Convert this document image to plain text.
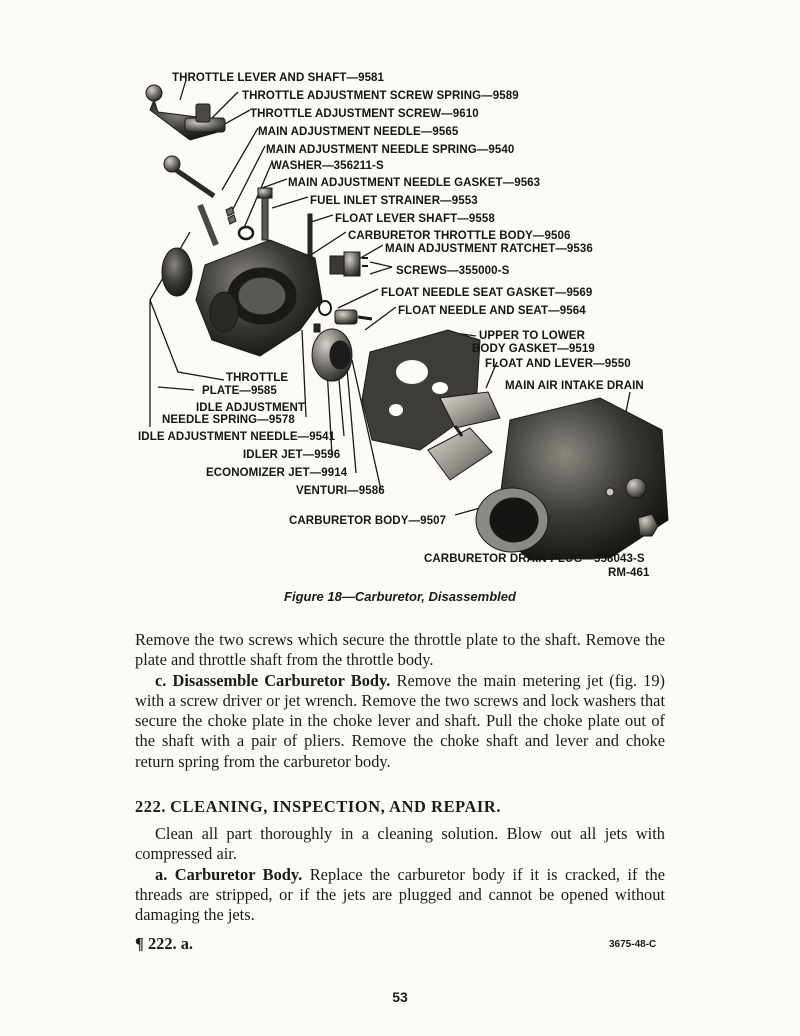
THROTTLE LEVER AND SHAFT—9581

THROTTLE ADJUSTMENT SCREW SPRING—9589

THROTTLE ADJUSTMENT SCREW—9610

MAIN ADJUSTMENT NEEDLE—9565

MAIN ADJUSTMENT NEEDLE SPRING—9540

WASHER—356211-S

MAIN ADJUSTMENT NEEDLE GASKET—9563

FUEL INLET STRAINER—9553

FLOAT LEVER SHAFT—9558

CARBURETOR THROTTLE BODY—9506

MAIN ADJUSTMENT RATCHET—9536

SCREWS—355000-S

FLOAT NEEDLE SEAT GASKET—9569

FLOAT NEEDLE AND SEAT—9564

UPPER TO LOWER

BODY GASKET—9519

FLOAT AND LEVER—9550

MAIN AIR INTAKE DRAIN

THROTTLE

PLATE—9585

IDLE ADJUSTMENT

NEEDLE SPRING—9578

IDLE ADJUSTMENT NEEDLE—9541

IDLER JET—9596

ECONOMIZER JET—9914

VENTURI—9586

CARBURETOR BODY—9507

CARBURETOR DRAIN PLUG—358043-S

RM-461

Figure 18—Carburetor, Disassembled

Remove the two screws which secure the throttle plate to the shaft. Remove the plate and throttle shaft from the throttle body.

c. Disassemble Carburetor Body. Remove the main metering jet (fig. 19) with a screw driver or jet wrench. Remove the two screws and lock washers that secure the choke plate in the choke lever and shaft. Pull the choke plate out of the shaft with a pair of pliers. Remove the choke shaft and lever and choke return spring from the carburetor body.

222. CLEANING, INSPECTION, AND REPAIR.

Clean all part thoroughly in a cleaning solution. Blow out all jets with compressed air.

a. Carburetor Body. Replace the carburetor body if it is cracked, if the threads are stripped, or if the jets are plugged and cannot be opened without damaging the jets.

¶ 222. a.	3675-48-C

53
